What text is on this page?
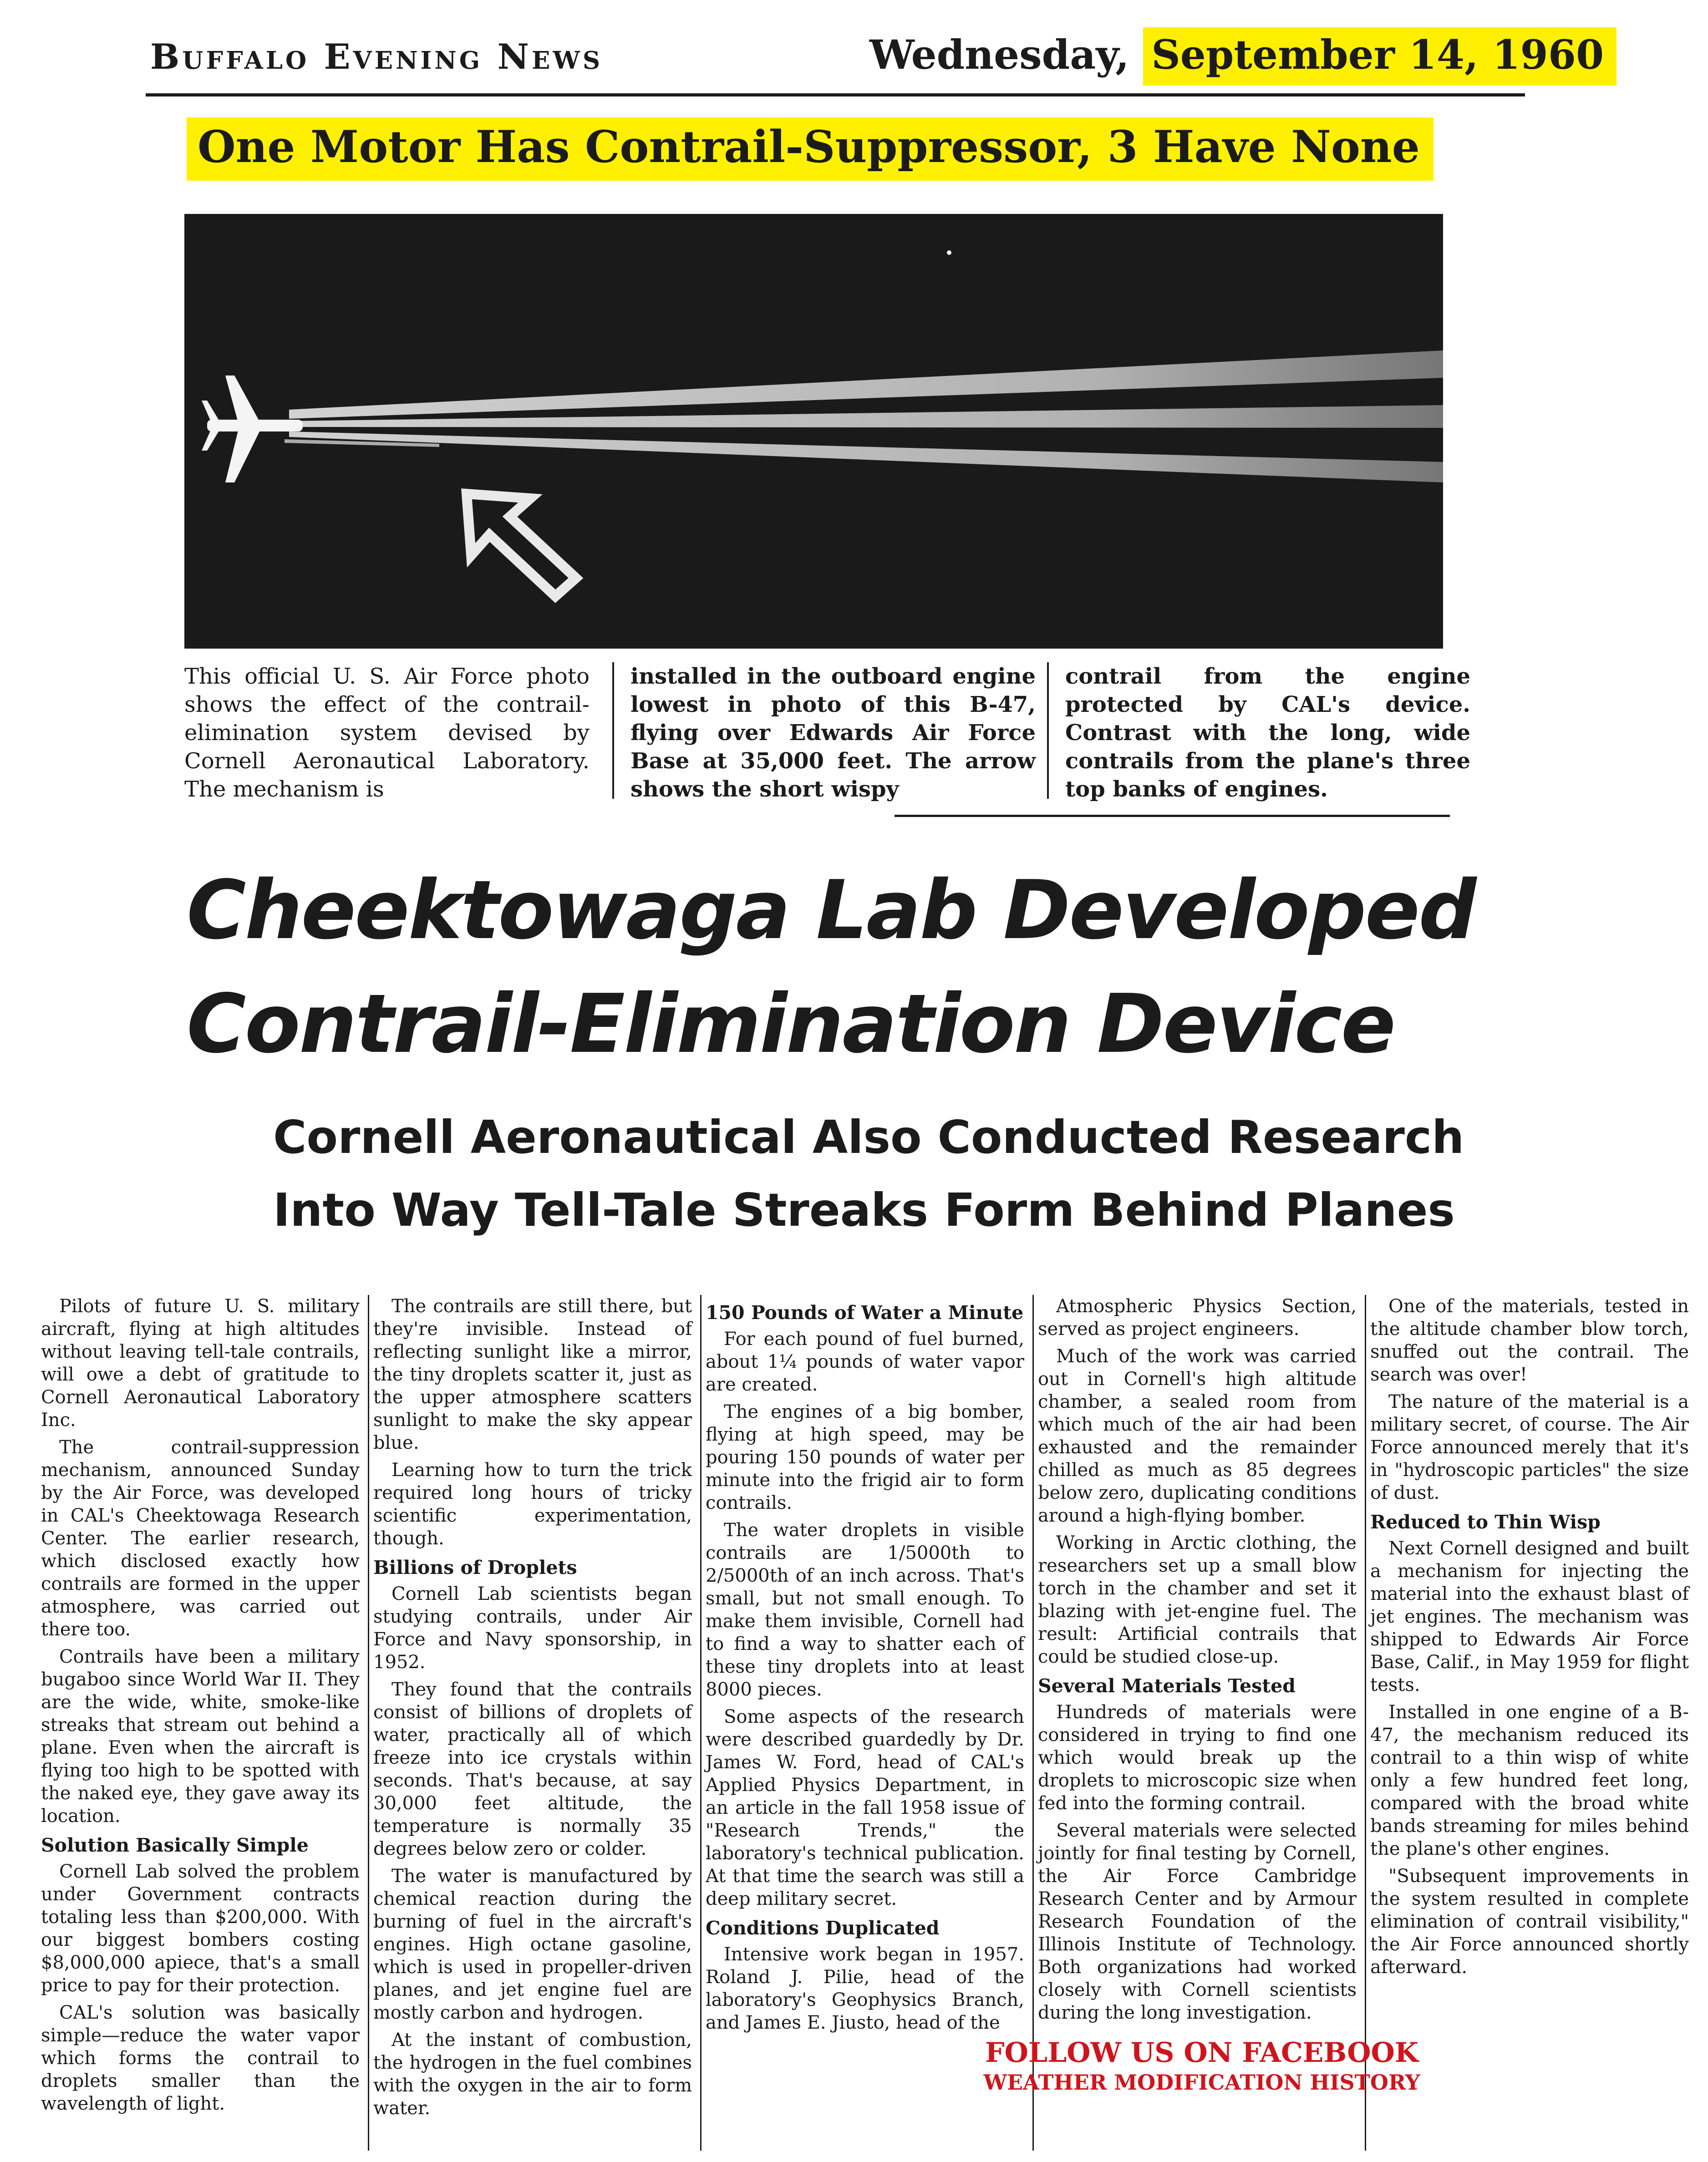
Buffalo Evening News	Wednesday, September 14, 1960
One Motor Has Contrail-Suppressor, 3 Have None
This official U. S. Air Force photo shows the effect of the contrail-elimination system devised by Cornell Aeronautical Laboratory. The mechanism is
installed in the outboard engine lowest in photo of this B-47, flying over Edwards Air Force Base at 35,000 feet. The arrow shows the short wispy
contrail from the engine protected by CAL's device. Contrast with the long, wide contrails from the plane's three top banks of engines.
Cheektowaga Lab Developed
Contrail-Elimination Device
Cornell Aeronautical Also Conducted Research
Into Way Tell-Tale Streaks Form Behind Planes

Pilots of future U. S. military aircraft, flying at high altitudes without leaving tell-tale contrails, will owe a debt of gratitude to Cornell Aeronautical Laboratory Inc.

The contrail-suppression mechanism, announced Sunday by the Air Force, was developed in CAL's Cheektowaga Research Center. The earlier research, which disclosed exactly how contrails are formed in the upper atmosphere, was carried out there too.

Contrails have been a military bugaboo since World War II. They are the wide, white, smoke-like streaks that stream out behind a plane. Even when the aircraft is flying too high to be spotted with the naked eye, they gave away its location.

Solution Basically Simple

Cornell Lab solved the problem under Government contracts totaling less than $200,000. With our biggest bombers costing $8,000,000 apiece, that's a small price to pay for their protection.

CAL's solution was basically simple—reduce the water vapor which forms the contrail to droplets smaller than the wavelength of light.

The contrails are still there, but they're invisible. Instead of reflecting sunlight like a mirror, the tiny droplets scatter it, just as the upper atmosphere scatters sunlight to make the sky appear blue.

Learning how to turn the trick required long hours of tricky scientific experimentation, though.

Billions of Droplets

Cornell Lab scientists began studying contrails, under Air Force and Navy sponsorship, in 1952.

They found that the contrails consist of billions of droplets of water, practically all of which freeze into ice crystals within seconds. That's because, at say 30,000 feet altitude, the temperature is normally 35 degrees below zero or colder.

The water is manufactured by chemical reaction during the burning of fuel in the aircraft's engines. High octane gasoline, which is used in propeller-driven planes, and jet engine fuel are mostly carbon and hydrogen.

At the instant of combustion, the hydrogen in the fuel combines with the oxygen in the air to form water.

150 Pounds of Water a Minute

For each pound of fuel burned, about 1¼ pounds of water vapor are created.

The engines of a big bomber, flying at high speed, may be pouring 150 pounds of water per minute into the frigid air to form contrails.

The water droplets in visible contrails are 1/5000th to 2/5000th of an inch across. That's small, but not small enough. To make them invisible, Cornell had to find a way to shatter each of these tiny droplets into at least 8000 pieces.

Some aspects of the research were described guardedly by Dr. James W. Ford, head of CAL's Applied Physics Department, in an article in the fall 1958 issue of "Research Trends," the laboratory's technical publication. At that time the search was still a deep military secret.

Conditions Duplicated

Intensive work began in 1957. Roland J. Pilie, head of the laboratory's Geophysics Branch, and James E. Jiusto, head of the

Atmospheric Physics Section, served as project engineers.

Much of the work was carried out in Cornell's high altitude chamber, a sealed room from which much of the air had been exhausted and the remainder chilled as much as 85 degrees below zero, duplicating conditions around a high-flying bomber.

Working in Arctic clothing, the researchers set up a small blow torch in the chamber and set it blazing with jet-engine fuel. The result: Artificial contrails that could be studied close-up.

Several Materials Tested

Hundreds of materials were considered in trying to find one which would break up the droplets to microscopic size when fed into the forming contrail.

Several materials were selected jointly for final testing by Cornell, the Air Force Cambridge Research Center and by Armour Research Foundation of the Illinois Institute of Technology. Both organizations had worked closely with Cornell scientists during the long investigation.

One of the materials, tested in the altitude chamber blow torch, snuffed out the contrail. The search was over!

The nature of the material is a military secret, of course. The Air Force announced merely that it's in "hydroscopic particles" the size of dust.

Reduced to Thin Wisp

Next Cornell designed and built a mechanism for injecting the material into the exhaust blast of jet engines. The mechanism was shipped to Edwards Air Force Base, Calif., in May 1959 for flight tests.

Installed in one engine of a B-47, the mechanism reduced its contrail to a thin wisp of white only a few hundred feet long, compared with the broad white bands streaming for miles behind the plane's other engines.

"Subsequent improvements in the system resulted in complete elimination of contrail visibility," the Air Force announced shortly afterward.

FOLLOW US ON FACEBOOK
WEATHER MODIFICATION HISTORY
